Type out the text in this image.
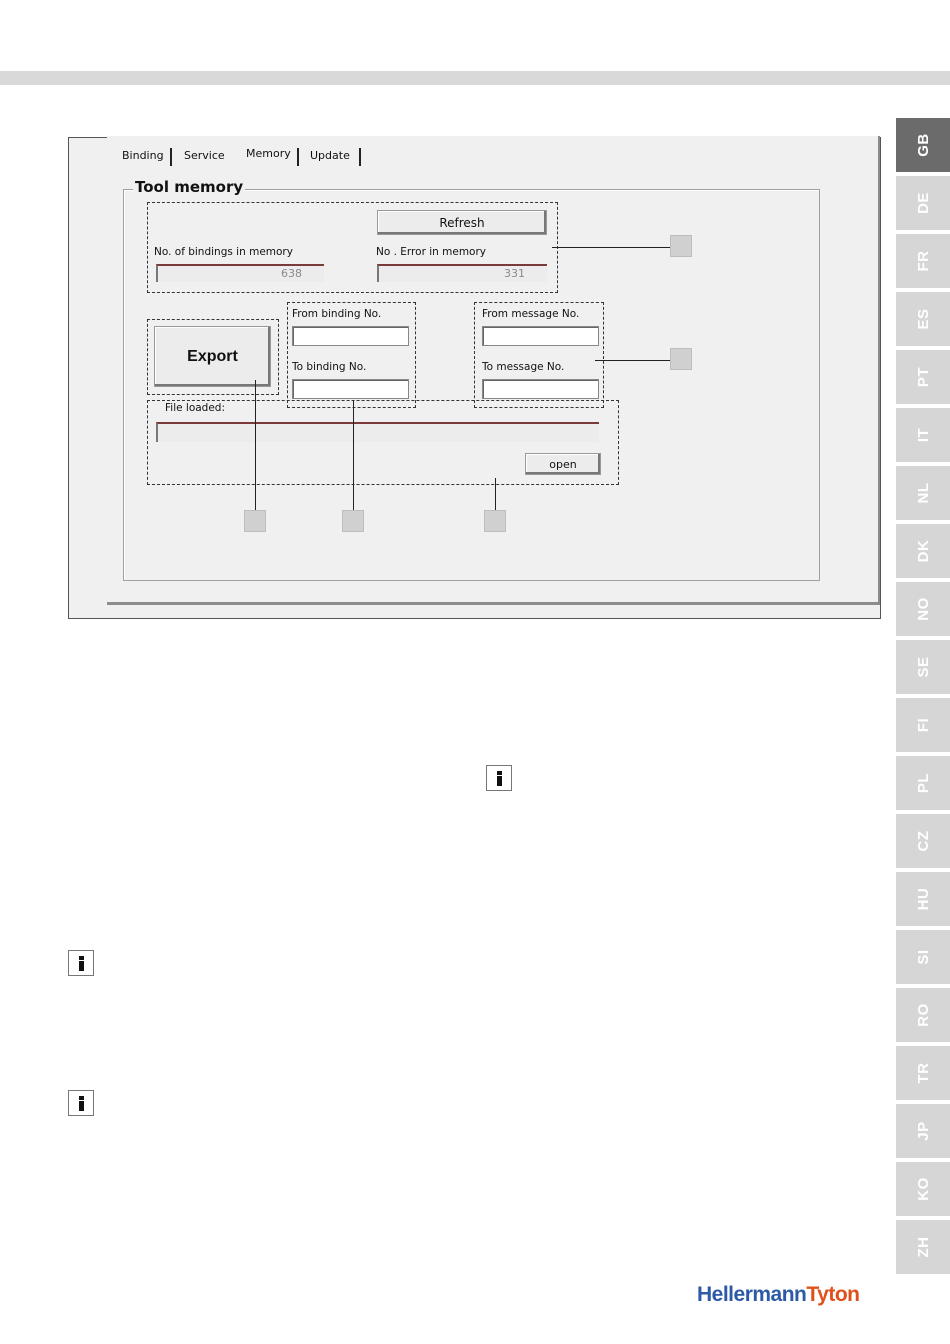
GB
DE
FR
ES
PT
IT
NL
DK
NO
SE
FI
PL
CZ
HU
SI
RO
TR
JP
KO
ZH
Binding Service Memory Update
Tool memory
Refresh
No. of bindings in memory
638
No . Error in memory
331
Export
From binding No.
To binding No.
From message No.
To message No.
File loaded:
open
HellermannTyton
